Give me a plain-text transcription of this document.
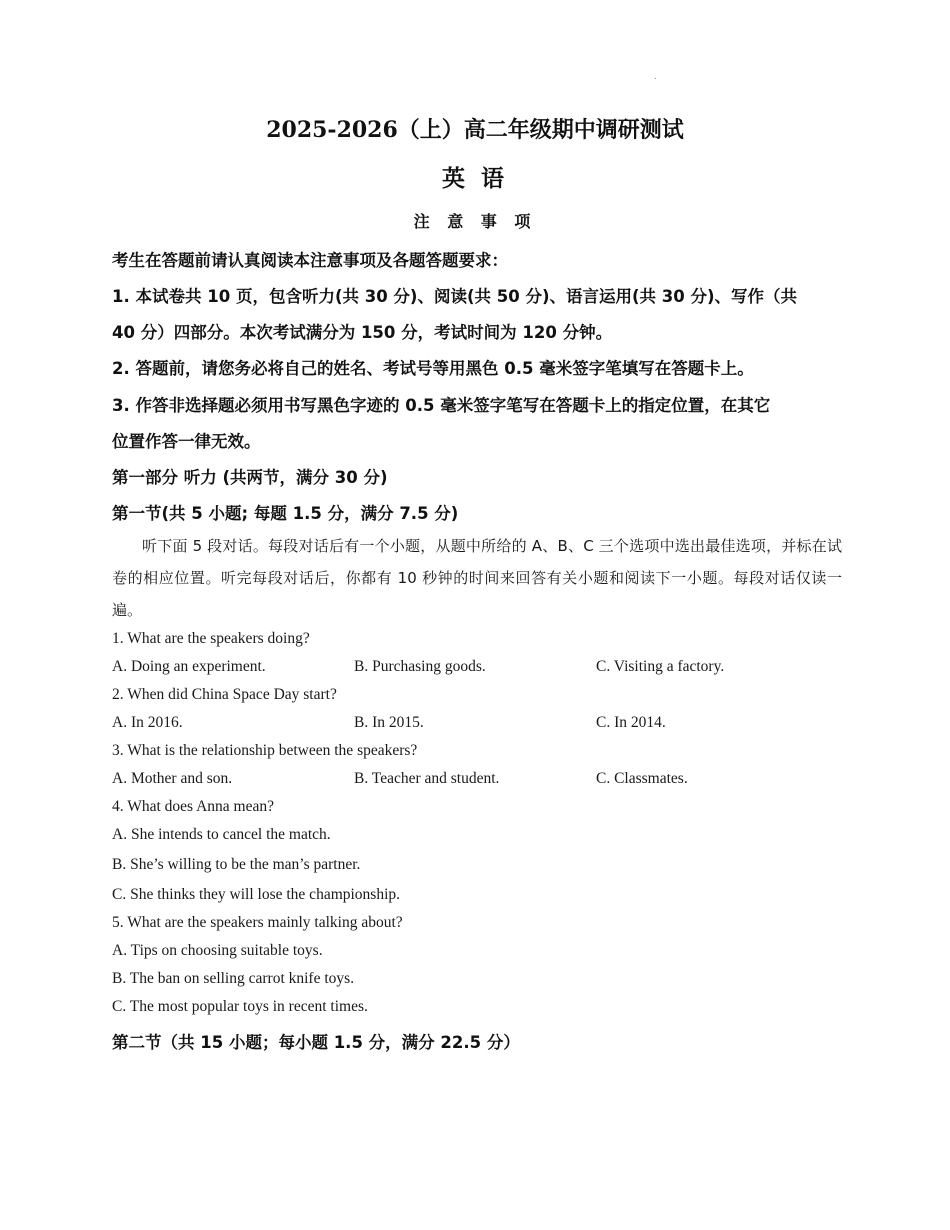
.
2025-2026（上）高二年级期中调研测试
英 语
注 意 事 项
考生在答题前请认真阅读本注意事项及各题答题要求：
1. 本试卷共 10 页，包含听力(共 30 分)、阅读(共 50 分)、语言运用(共 30 分)、写作（共
40 分）四部分。本次考试满分为 150 分，考试时间为 120 分钟。
2. 答题前，请您务必将自己的姓名、考试号等用黑色 0.5 毫米签字笔填写在答题卡上。
3. 作答非选择题必须用书写黑色字迹的 0.5 毫米签字笔写在答题卡上的指定位置，在其它
位置作答一律无效。
第一部分 听力 (共两节，满分 30 分)
第一节(共 5 小题; 每题 1.5 分，满分 7.5 分)
听下面 5 段对话。每段对话后有一个小题，从题中所给的 A、B、C 三个选项中选出最佳选项，并标在试卷的相应位置。听完每段对话后，你都有 10 秒钟的时间来回答有关小题和阅读下一小题。每段对话仅读一遍。
1. What are the speakers doing?
A. Doing an experiment.	B. Purchasing goods.	C. Visiting a factory.
2. When did China Space Day start?
A. In 2016.	B. In 2015.	C. In 2014.
3. What is the relationship between the speakers?
A. Mother and son.	B. Teacher and student.	C. Classmates.
4. What does Anna mean?
A. She intends to cancel the match.
B. She’s willing to be the man’s partner.
C. She thinks they will lose the championship.
5. What are the speakers mainly talking about?
A. Tips on choosing suitable toys.
B. The ban on selling carrot knife toys.
C. The most popular toys in recent times.
第二节（共 15 小题；每小题 1.5 分，满分 22.5 分）
